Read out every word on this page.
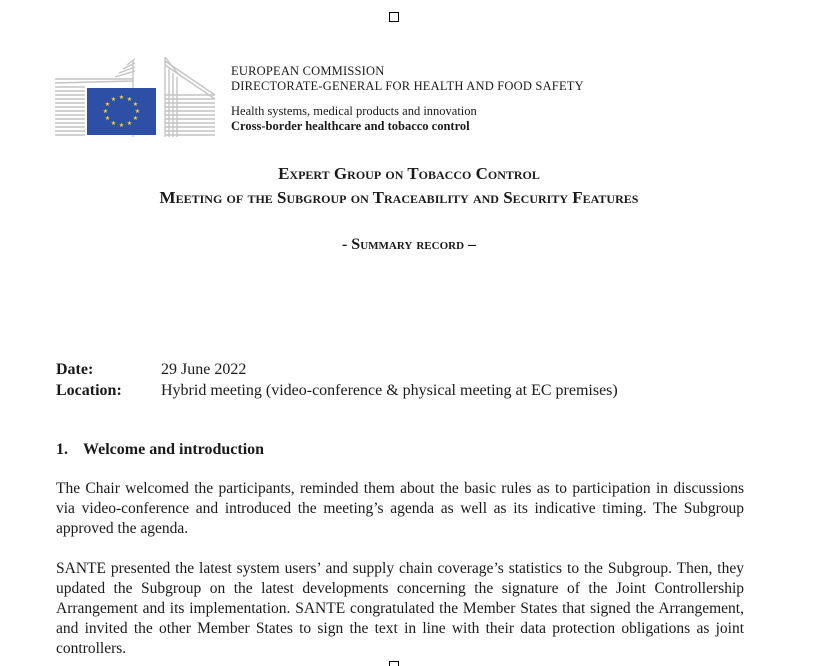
★ ★
★
★
★
★
★
★
★
★
★
★
EUROPEAN COMMISSION
DIRECTORATE-GENERAL FOR HEALTH AND FOOD SAFETY
Health systems, medical products and innovation
Cross-border healthcare and tobacco control
Expert Group on Tobacco Control
Meeting of the Subgroup on Traceability and Security Features
- Summary record –
Date:	29 June 2022
Location:	Hybrid meeting (video-conference & physical meeting at EC premises)
1. Welcome and introduction

The Chair welcomed the participants, reminded them about the basic rules as to participation in discussions via video-conference and introduced the meeting’s agenda as well as its indicative timing. The Subgroup approved the agenda.

SANTE presented the latest system users’ and supply chain coverage’s statistics to the Subgroup. Then, they updated the Subgroup on the latest developments concerning the signature of the Joint Controllership Arrangement and its implementation. SANTE congratulated the Member States that signed the Arrangement, and invited the other Member States to sign the text in line with their data protection obligations as joint controllers.
